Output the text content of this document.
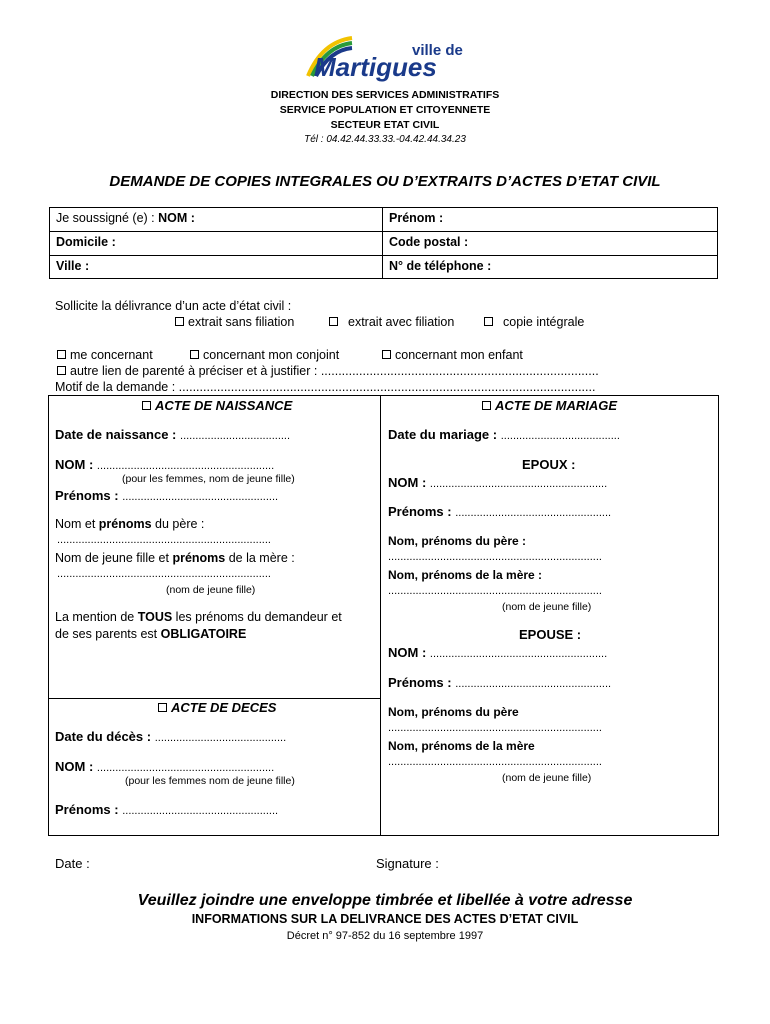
ville de
Martigues
DIRECTION DES SERVICES ADMINISTRATIFS
SERVICE POPULATION ET CITOYENNETE
SECTEUR ETAT CIVIL
Tél : 04.42.44.33.33.-04.42.44.34.23
DEMANDE DE COPIES INTEGRALES OU D’EXTRAITS D’ACTES D’ETAT CIVIL
Je soussigné (e) : NOM :	Prénom :
Domicile :	Code postal :
Ville :	N° de téléphone :
Sollicite la délivrance d’un acte d’état civil :
extrait sans filiation	extrait avec filiation	copie intégrale
me concernant	concernant mon conjoint	concernant mon enfant
autre lien de parenté à préciser et à justifier : ................................................................................
Motif de la demande : ........................................................................................................................
ACTE DE NAISSANCE
Date de naissance : ....................................
NOM : ..........................................................
(pour les femmes, nom de jeune fille)
Prénoms : ...................................................
Nom et prénoms du père :
......................................................................
Nom de jeune fille et prénoms de la mère :
......................................................................
(nom de jeune fille)
La mention de TOUS les prénoms du demandeur et
de ses parents est OBLIGATOIRE
ACTE DE DECES
Date du décès : ...........................................
NOM : ..........................................................
(pour les femmes nom de jeune fille)
Prénoms : ...................................................
ACTE DE MARIAGE
Date du mariage : .......................................
EPOUX :
NOM : ..........................................................
Prénoms : ...................................................
Nom, prénoms du père :
......................................................................
Nom, prénoms de la mère :
......................................................................
(nom de jeune fille)
EPOUSE :
NOM : ..........................................................
Prénoms : ...................................................
Nom, prénoms du père
......................................................................
Nom, prénoms de la mère
......................................................................
(nom de jeune fille)
Date :	Signature :
Veuillez joindre une enveloppe timbrée et libellée à votre adresse
INFORMATIONS SUR LA DELIVRANCE DES ACTES D’ETAT CIVIL
Décret n° 97-852 du 16 septembre 1997
